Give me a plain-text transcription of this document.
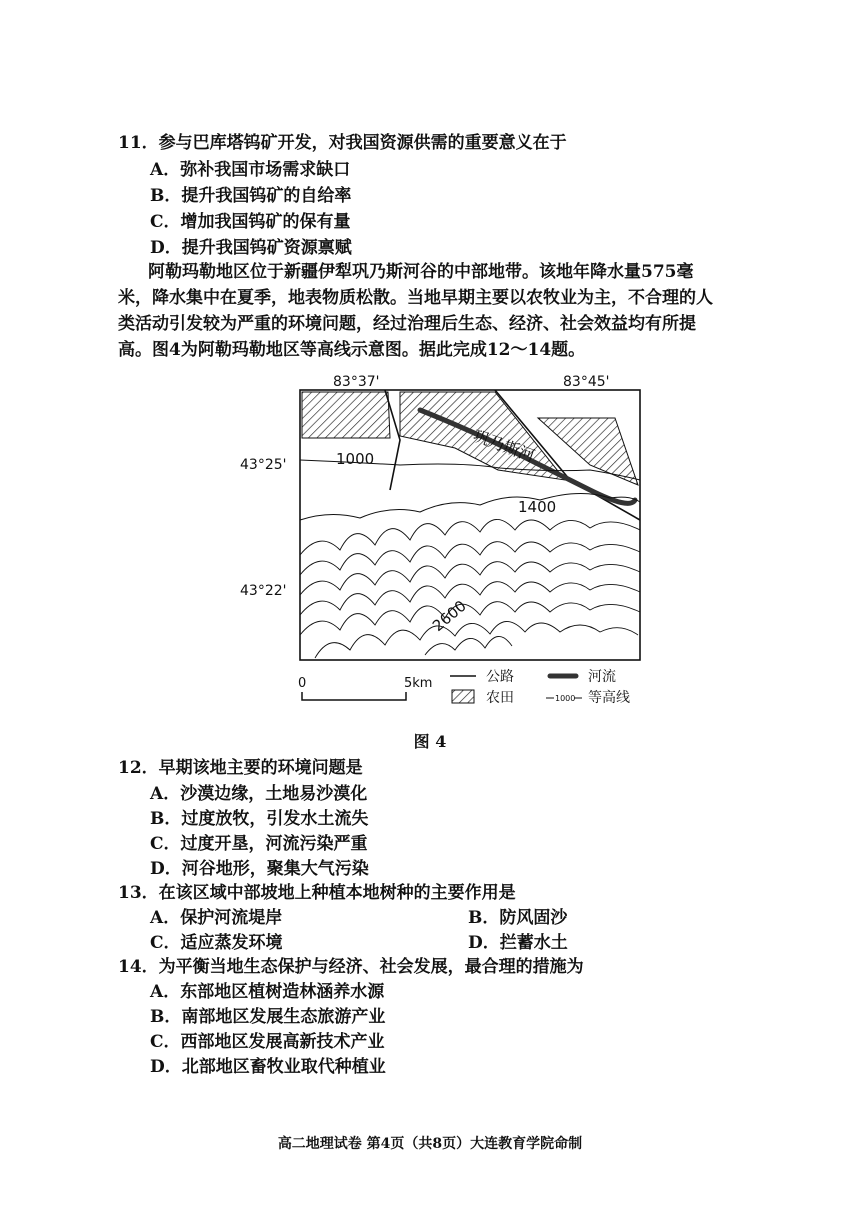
11．参与巴库塔钨矿开发，对我国资源供需的重要意义在于
A．弥补我国市场需求缺口
B．提升我国钨矿的自给率
C．增加我国钨矿的保有量
D．提升我国钨矿资源禀赋
阿勒玛勒地区位于新疆伊犁巩乃斯河谷的中部地带。该地年降水量575毫米，降水集中在夏季，地表物质松散。当地早期主要以农牧业为主，不合理的人类活动引发较为严重的环境问题，经过治理后生态、经济、社会效益均有所提高。图4为阿勒玛勒地区等高线示意图。据此完成12～14题。
巩乃斯河
1000
1400
2600
83°37'	83°45'
43°25'
43°22'
0	5km	公路	河流
农田	1000 等高线
图 4
12．早期该地主要的环境问题是
A．沙漠边缘，土地易沙漠化
B．过度放牧，引发水土流失
C．过度开垦，河流污染严重
D．河谷地形，聚集大气污染
13．在该区域中部坡地上种植本地树种的主要作用是
A．保护河流堤岸	B．防风固沙
C．适应蒸发环境	D．拦蓄水土
14．为平衡当地生态保护与经济、社会发展，最合理的措施为
A．东部地区植树造林涵养水源
B．南部地区发展生态旅游产业
C．西部地区发展高新技术产业
D．北部地区畜牧业取代种植业
高二地理试卷 第4页（共8页）大连教育学院命制
